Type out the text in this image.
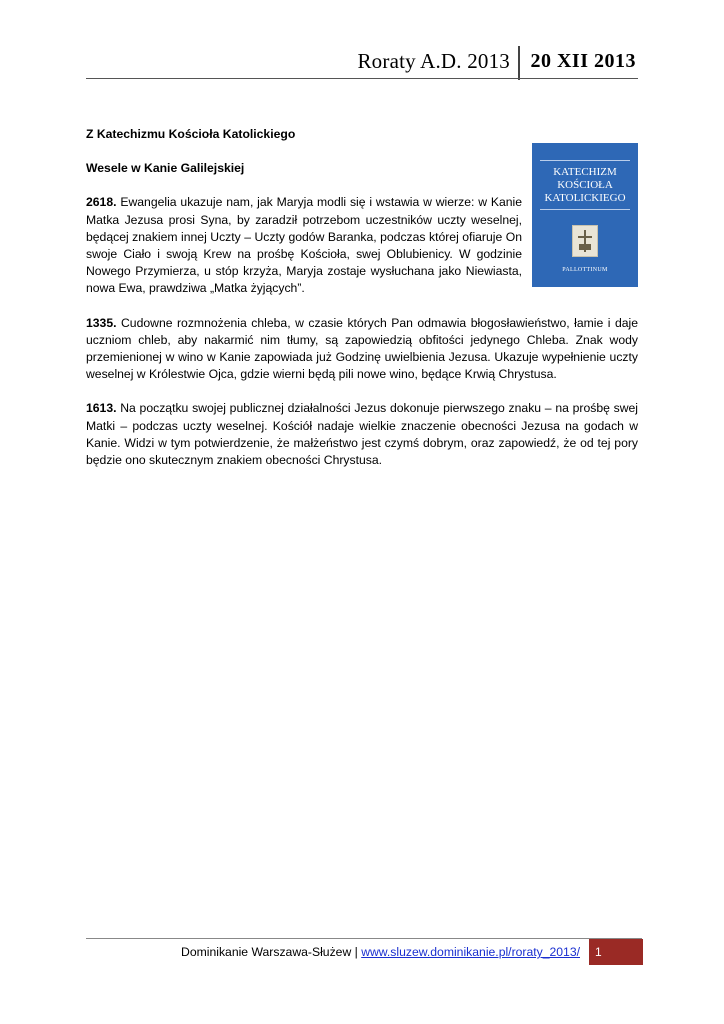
Roraty A.D. 2013 20 XII 2013
KATECHIZM
KOŚCIOŁA
KATOLICKIEGO
PALLOTTINUM

Z Katechizmu Kościoła Katolickiego

Wesele w Kanie Galilejskiej

2618. Ewangelia ukazuje nam, jak Maryja modli się i wstawia w wierze: w Kanie Matka Jezusa prosi Syna, by zaradził potrzebom uczestników uczty weselnej, będącej znakiem innej Uczty – Uczty godów Baranka, podczas której ofiaruje On swoje Ciało i swoją Krew na prośbę Kościoła, swej Oblubienicy. W godzinie Nowego Przymierza, u stóp krzyża, Maryja zostaje wysłuchana jako Niewiasta, nowa Ewa, prawdziwa „Matka żyjących”.

1335. Cudowne rozmnożenia chleba, w czasie których Pan odmawia błogosławieństwo, łamie i daje uczniom chleb, aby nakarmić nim tłumy, są zapowiedzią obfitości jedynego Chleba. Znak wody przemienionej w wino w Kanie zapowiada już Godzinę uwielbienia Jezusa. Ukazuje wypełnienie uczty weselnej w Królestwie Ojca, gdzie wierni będą pili nowe wino, będące Krwią Chrystusa.

1613. Na początku swojej publicznej działalności Jezus dokonuje pierwszego znaku – na prośbę swej Matki – podczas uczty weselnej. Kościół nadaje wielkie znaczenie obecności Jezusa na godach w Kanie. Widzi w tym potwierdzenie, że małżeństwo jest czymś dobrym, oraz zapowiedź, że od tej pory będzie ono skutecznym znakiem obecności Chrystusa.

Dominikanie Warszawa-Służew | www.sluzew.dominikanie.pl/roraty_2013/	1
